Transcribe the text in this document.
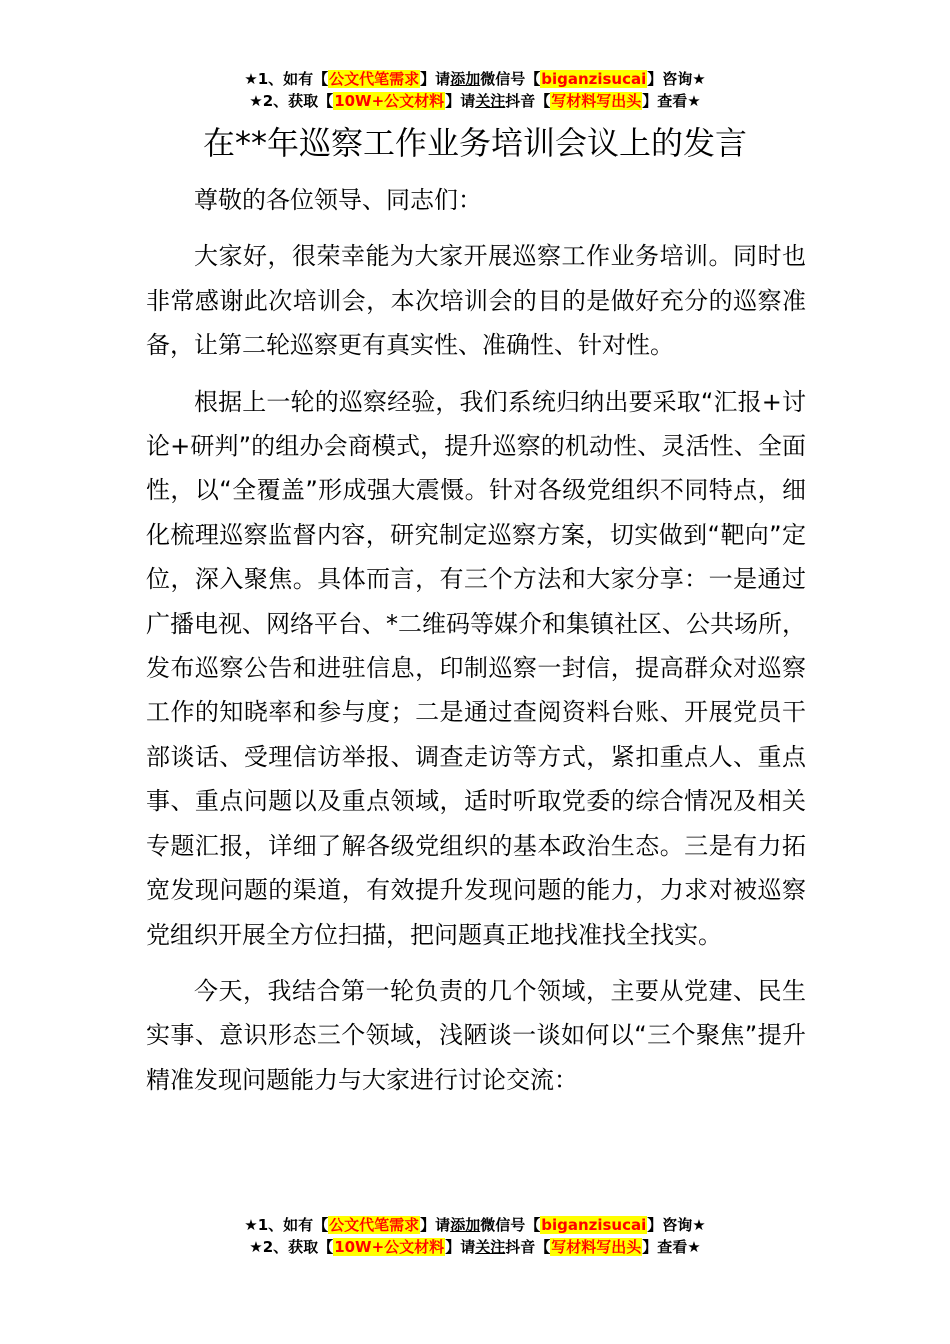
★1、如有【公文代笔需求】请添加微信号【biganzisucai】咨询★
★2、获取【10W+公文材料】请关注抖音【写材料写出头】查看★
在**年巡察工作业务培训会议上的发言

尊敬的各位领导、同志们：

大家好，很荣幸能为大家开展巡察工作业务培训。同时也非常感谢此次培训会，本次培训会的目的是做好充分的巡察准备，让第二轮巡察更有真实性、准确性、针对性。

根据上一轮的巡察经验，我们系统归纳出要采取“汇报+讨论+研判”的组办会商模式，提升巡察的机动性、灵活性、全面性，以“全覆盖”形成强大震慑。针对各级党组织不同特点，细化梳理巡察监督内容，研究制定巡察方案，切实做到“靶向”定位，深入聚焦。具体而言，有三个方法和大家分享：一是通过广播电视、网络平台、*二维码等媒介和集镇社区、公共场所，发布巡察公告和进驻信息，印制巡察一封信，提高群众对巡察工作的知晓率和参与度；二是通过查阅资料台账、开展党员干部谈话、受理信访举报、调查走访等方式，紧扣重点人、重点事、重点问题以及重点领域，适时听取党委的综合情况及相关专题汇报，详细了解各级党组织的基本政治生态。三是有力拓宽发现问题的渠道，有效提升发现问题的能力，力求对被巡察党组织开展全方位扫描，把问题真正地找准找全找实。

今天，我结合第一轮负责的几个领域，主要从党建、民生实事、意识形态三个领域，浅陋谈一谈如何以“三个聚焦”提升精准发现问题能力与大家进行讨论交流：

★1、如有【公文代笔需求】请添加微信号【biganzisucai】咨询★
★2、获取【10W+公文材料】请关注抖音【写材料写出头】查看★
